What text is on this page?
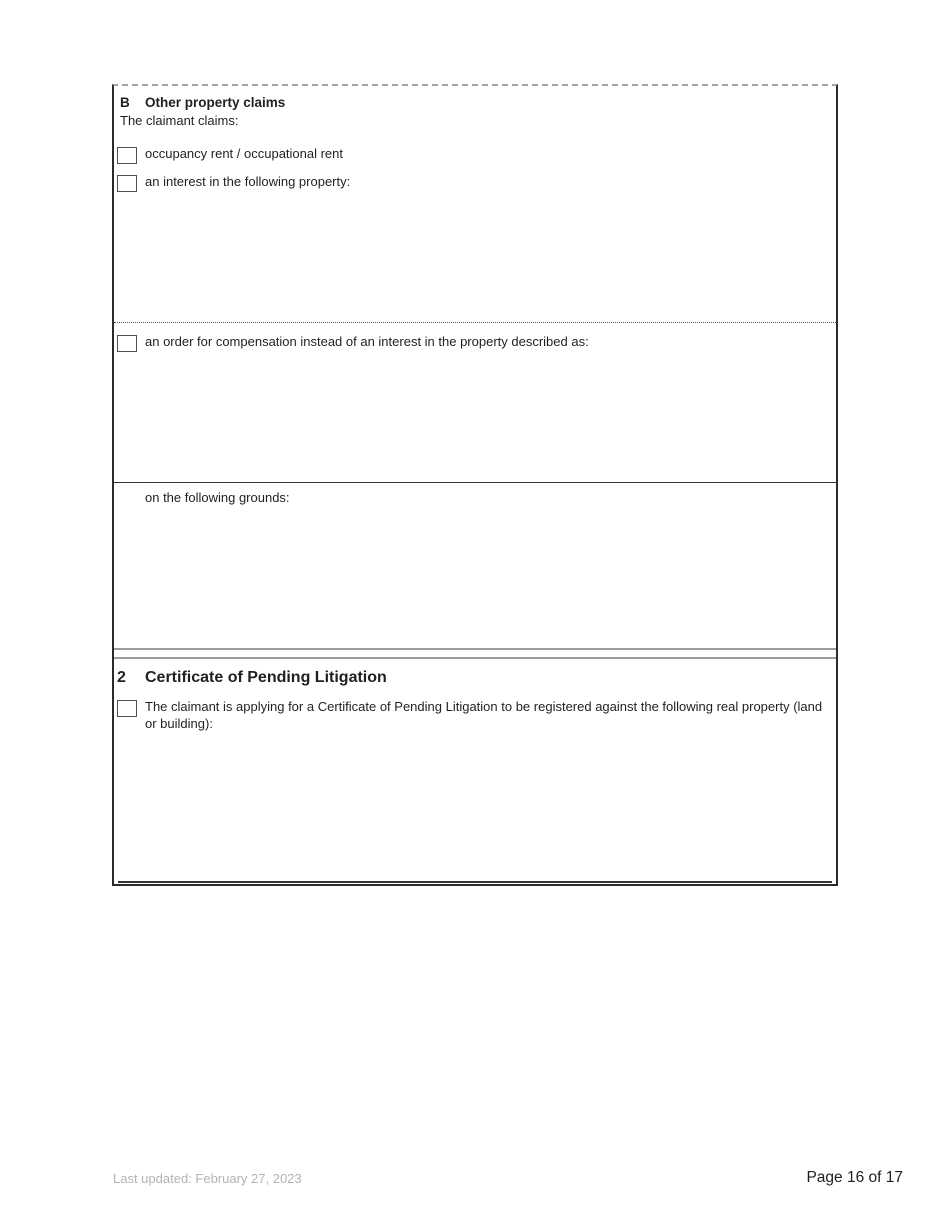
B Other property claims
The claimant claims:
occupancy rent / occupational rent
an interest in the following property:
an order for compensation instead of an interest in the property described as:
on the following grounds:
2 Certificate of Pending Litigation
The claimant is applying for a Certificate of Pending Litigation to be registered against the following real property (land or building):
Last updated: February 27, 2023	Page 16 of 17
